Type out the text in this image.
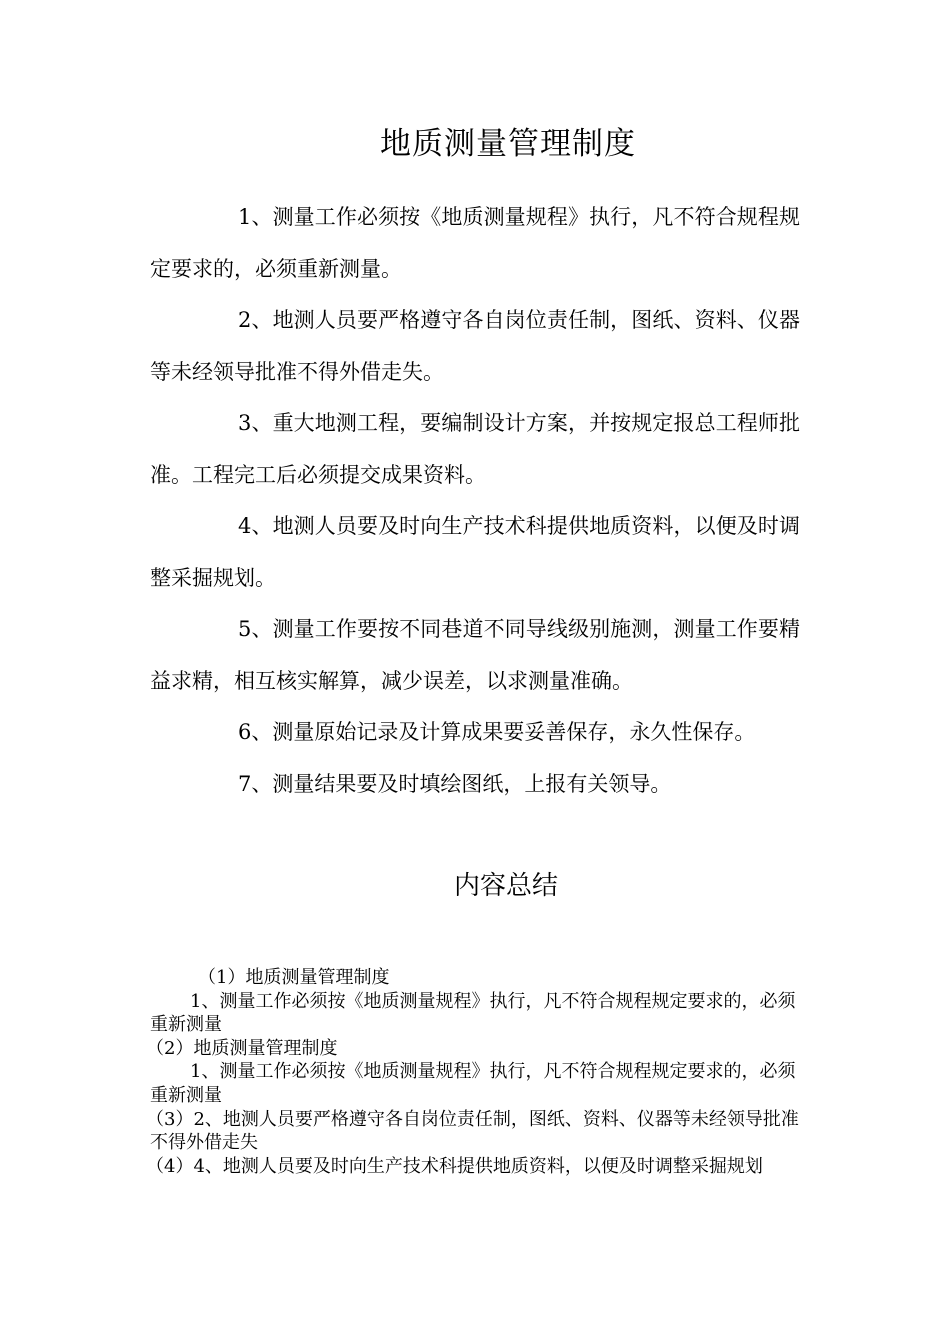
地质测量管理制度

1、测量工作必须按《地质测量规程》执行，凡不符合规程规定要求的，必须重新测量。

2、地测人员要严格遵守各自岗位责任制，图纸、资料、仪器等未经领导批准不得外借走失。

3、重大地测工程，要编制设计方案，并按规定报总工程师批准。工程完工后必须提交成果资料。

4、地测人员要及时向生产技术科提供地质资料，以便及时调整采掘规划。

5、测量工作要按不同巷道不同导线级别施测，测量工作要精益求精，相互核实解算，减少误差，以求测量准确。

6、测量原始记录及计算成果要妥善保存，永久性保存。

7、测量结果要及时填绘图纸，上报有关领导。

内容总结

（1）地质测量管理制度

1、测量工作必须按《地质测量规程》执行，凡不符合规程规定要求的，必须重新测量

（2）地质测量管理制度

1、测量工作必须按《地质测量规程》执行，凡不符合规程规定要求的，必须重新测量

（3）2、地测人员要严格遵守各自岗位责任制，图纸、资料、仪器等未经领导批准不得外借走失

（4）4、地测人员要及时向生产技术科提供地质资料，以便及时调整采掘规划
